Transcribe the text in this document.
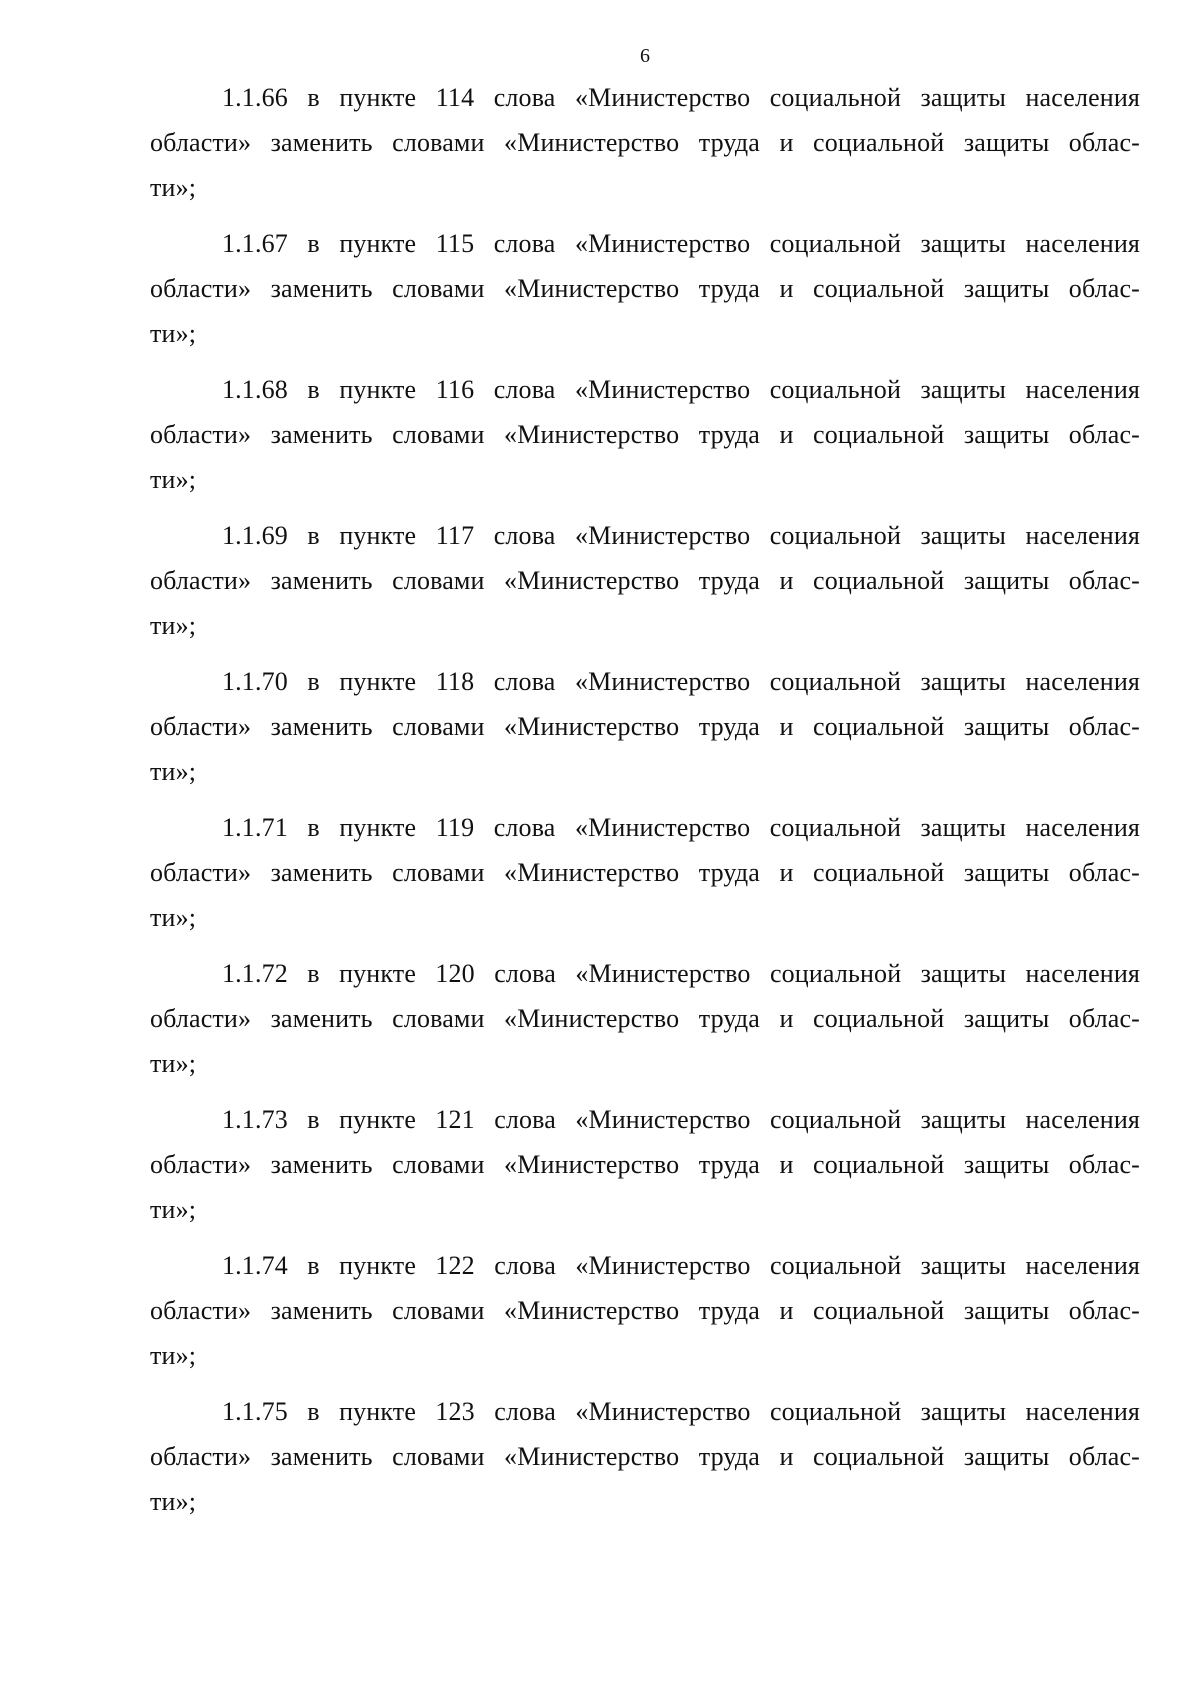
6
1.1.66 в пункте 114 слова «Министерство социальной защиты населения
области» заменить словами «Министерство труда и социальной защиты облас-
ти»;
1.1.67 в пункте 115 слова «Министерство социальной защиты населения
области» заменить словами «Министерство труда и социальной защиты облас-
ти»;
1.1.68 в пункте 116 слова «Министерство социальной защиты населения
области» заменить словами «Министерство труда и социальной защиты облас-
ти»;
1.1.69 в пункте 117 слова «Министерство социальной защиты населения
области» заменить словами «Министерство труда и социальной защиты облас-
ти»;
1.1.70 в пункте 118 слова «Министерство социальной защиты населения
области» заменить словами «Министерство труда и социальной защиты облас-
ти»;
1.1.71 в пункте 119 слова «Министерство социальной защиты населения
области» заменить словами «Министерство труда и социальной защиты облас-
ти»;
1.1.72 в пункте 120 слова «Министерство социальной защиты населения
области» заменить словами «Министерство труда и социальной защиты облас-
ти»;
1.1.73 в пункте 121 слова «Министерство социальной защиты населения
области» заменить словами «Министерство труда и социальной защиты облас-
ти»;
1.1.74 в пункте 122 слова «Министерство социальной защиты населения
области» заменить словами «Министерство труда и социальной защиты облас-
ти»;
1.1.75 в пункте 123 слова «Министерство социальной защиты населения
области» заменить словами «Министерство труда и социальной защиты облас-
ти»;
